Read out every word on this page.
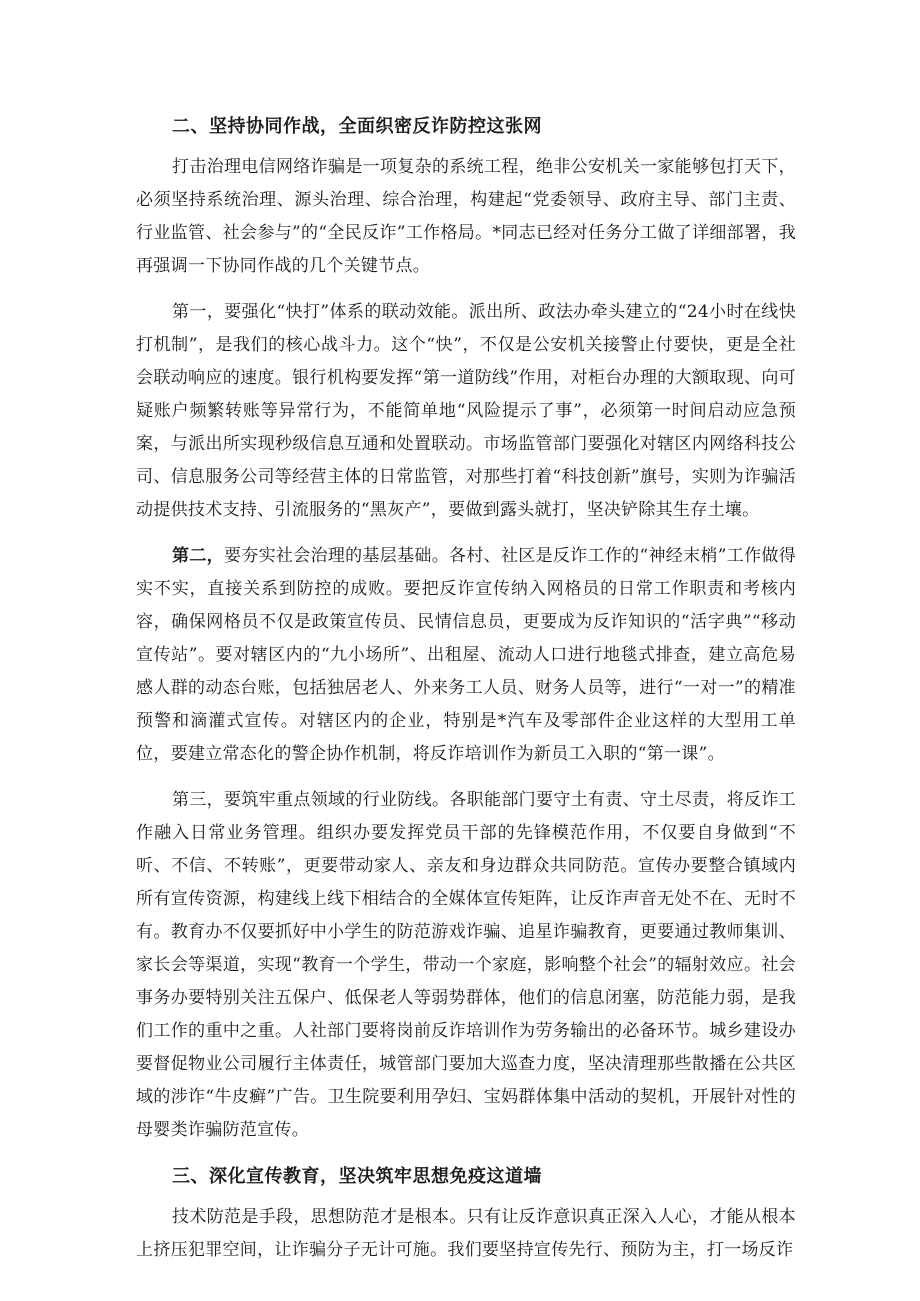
二、坚持协同作战，全面织密反诈防控这张网

打击治理电信网络诈骗是一项复杂的系统工程，绝非公安机关一家能够包打天下，必须坚持系统治理、源头治理、综合治理，构建起“党委领导、政府主导、部门主责、行业监管、社会参与”的“全民反诈”工作格局。*同志已经对任务分工做了详细部署，我再强调一下协同作战的几个关键节点。

第一，要强化“快打”体系的联动效能。派出所、政法办牵头建立的“24小时在线快打机制”，是我们的核心战斗力。这个“快”，不仅是公安机关接警止付要快，更是全社会联动响应的速度。银行机构要发挥“第一道防线”作用，对柜台办理的大额取现、向可疑账户频繁转账等异常行为，不能简单地“风险提示了事”，必须第一时间启动应急预案，与派出所实现秒级信息互通和处置联动。市场监管部门要强化对辖区内网络科技公司、信息服务公司等经营主体的日常监管，对那些打着“科技创新”旗号，实则为诈骗活动提供技术支持、引流服务的“黑灰产”，要做到露头就打，坚决铲除其生存土壤。

第二，要夯实社会治理的基层基础。各村、社区是反诈工作的“神经末梢”工作做得实不实，直接关系到防控的成败。要把反诈宣传纳入网格员的日常工作职责和考核内容，确保网格员不仅是政策宣传员、民情信息员，更要成为反诈知识的“活字典”“移动宣传站”。要对辖区内的“九小场所”、出租屋、流动人口进行地毯式排查，建立高危易感人群的动态台账，包括独居老人、外来务工人员、财务人员等，进行“一对一”的精准预警和滴灌式宣传。对辖区内的企业，特别是*汽车及零部件企业这样的大型用工单位，要建立常态化的警企协作机制，将反诈培训作为新员工入职的“第一课”。

第三，要筑牢重点领域的行业防线。各职能部门要守土有责、守土尽责，将反诈工作融入日常业务管理。组织办要发挥党员干部的先锋模范作用，不仅要自身做到“不听、不信、不转账”，更要带动家人、亲友和身边群众共同防范。宣传办要整合镇域内所有宣传资源，构建线上线下相结合的全媒体宣传矩阵，让反诈声音无处不在、无时不有。教育办不仅要抓好中小学生的防范游戏诈骗、追星诈骗教育，更要通过教师集训、家长会等渠道，实现“教育一个学生，带动一个家庭，影响整个社会”的辐射效应。社会事务办要特别关注五保户、低保老人等弱势群体，他们的信息闭塞，防范能力弱，是我们工作的重中之重。人社部门要将岗前反诈培训作为劳务输出的必备环节。城乡建设办要督促物业公司履行主体责任，城管部门要加大巡查力度，坚决清理那些散播在公共区域的涉诈“牛皮癣”广告。卫生院要利用孕妇、宝妈群体集中活动的契机，开展针对性的母婴类诈骗防范宣传。

三、深化宣传教育，坚决筑牢思想免疫这道墙

技术防范是手段，思想防范才是根本。只有让反诈意识真正深入人心，才能从根本上挤压犯罪空间，让诈骗分子无计可施。我们要坚持宣传先行、预防为主，打一场反诈
